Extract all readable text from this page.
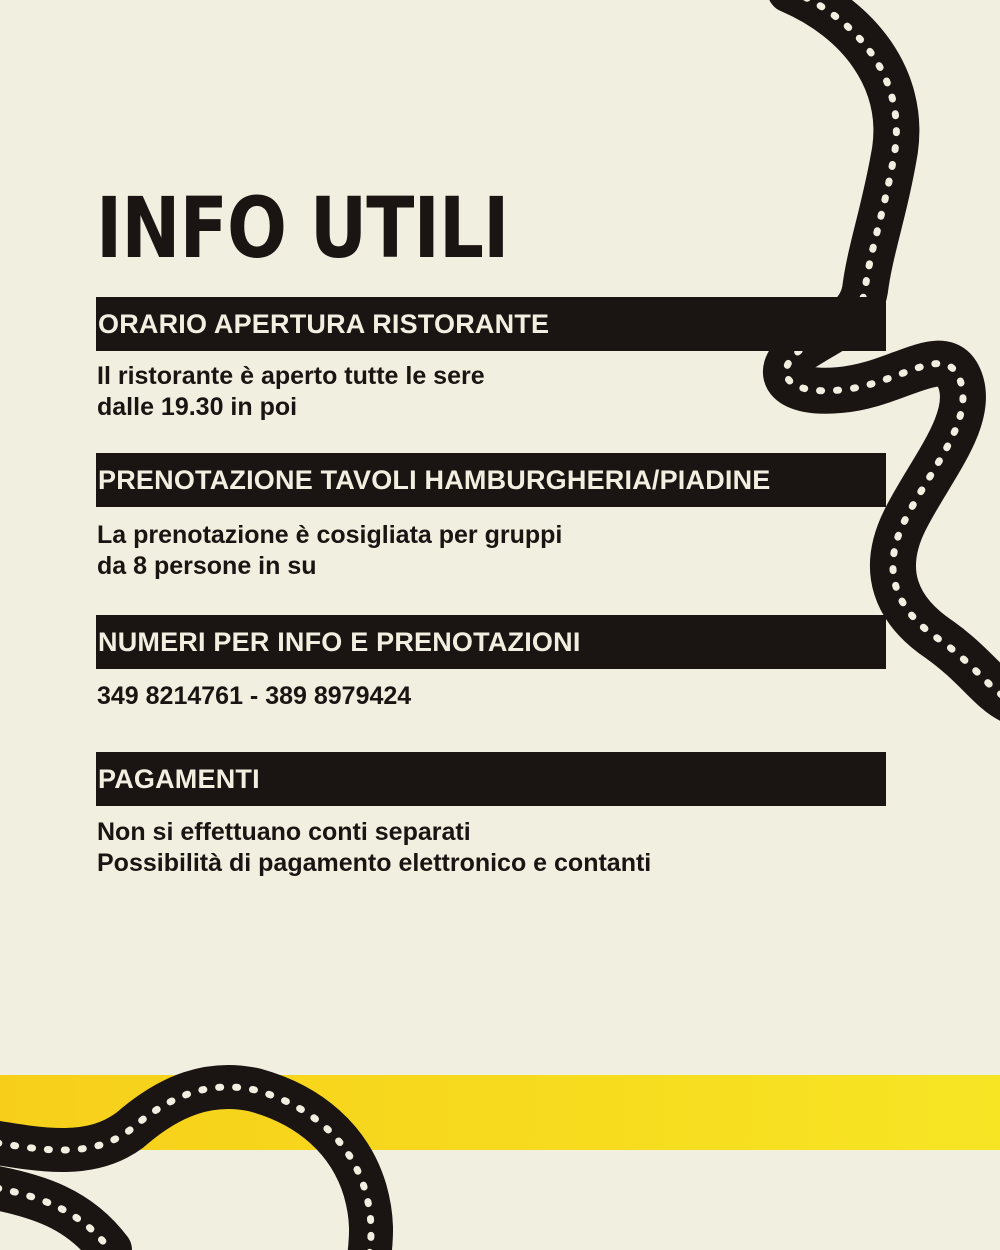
INFO UTILI
ORARIO APERTURA RISTORANTE
Il ristorante è aperto tutte le sere
dalle 19.30 in poi
PRENOTAZIONE TAVOLI HAMBURGHERIA/PIADINE
La prenotazione è cosigliata per gruppi
da 8 persone in su
NUMERI PER INFO E PRENOTAZIONI
349 8214761 - 389 8979424
PAGAMENTI
Non si effettuano conti separati
Possibilità di pagamento elettronico e contanti
